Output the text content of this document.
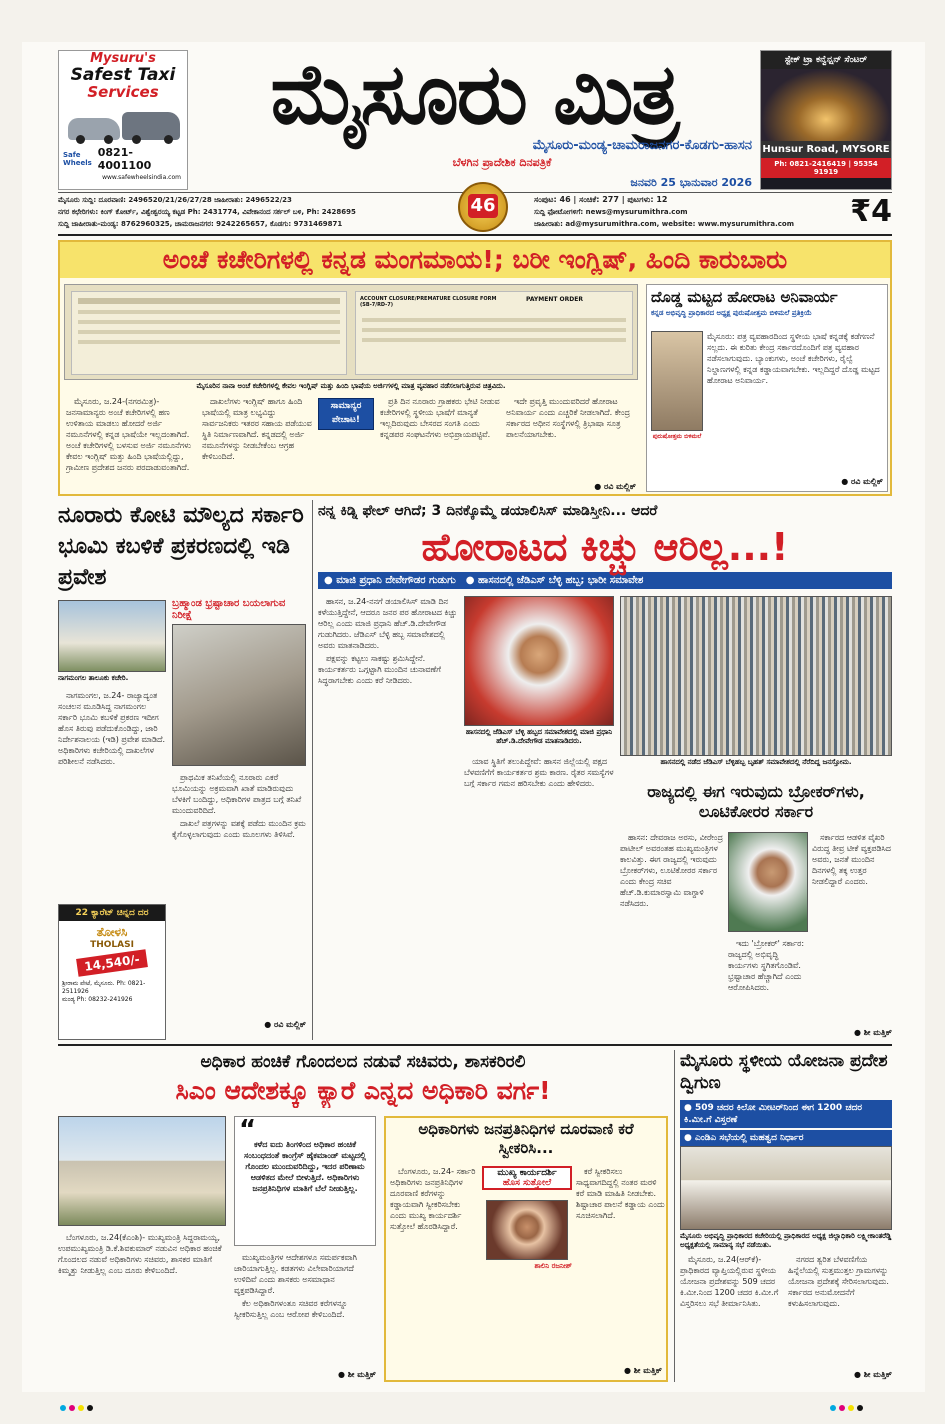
Mysuru's
Safest Taxi
Services
Safe Wheels
0821-4001100
www.safewheelsindia.com
ಮೈಸೂರು ಮಿತ್ರ
ಮೈಸೂರು-ಮಂಡ್ಯ-ಚಾಮರಾಜನಗರ-ಕೊಡಗು-ಹಾಸನ
ಬೆಳಗಿನ ಪ್ರಾದೇಶಿಕ ದಿನಪತ್ರಿಕೆ
ಜನವರಿ 25 ಭಾನುವಾರ 2026
ಸ್ಟೇಕ್ ಟ್ರಾ ಕನ್ವೆನ್ಷನ್ ಸೆಂಟರ್
Hunsur Road, MYSORE
Ph: 0821-2416419 | 95354 91919
ಮೈಸೂರು ಸುದ್ದಿ: ದೂರವಾಣಿ: 2496520/21/26/27/28 ಜಾಹೀರಾತು: 2496522/23
ನಗರ ಕಛೇರಿಗಳು: ಕಿಂಗ್ ಕೋರ್ಟ್, ವಿಶ್ವೇಶ್ವರಯ್ಯ ಕಟ್ಟಡ Ph: 2431774, ವಿವೇಕಾನಂದ ಸರ್ಕಲ್ ಬಳಿ, Ph: 2428695
ಸುದ್ದಿ ಜಾಹೀರಾತು-ಮಂಡ್ಯ: 8762960325, ಚಾಮರಾಜನಗರ: 9242265657, ಕೊಡಗು: 9731469871
46	ಸಂಪುಟ: 46 | ಸಂಚಿಕೆ: 277 | ಪುಟಗಳು: 12
ಸುದ್ದಿ ಫೋಟೋಗಳಿಗೆ: news@mysurumithra.com
ಜಾಹೀರಾತು: ad@mysurumithra.com, website: www.mysurumithra.com	₹4
ಅಂಚೆ ಕಚೇರಿಗಳಲ್ಲಿ ಕನ್ನಡ ಮಂಗಮಾಯ!; ಬರೀ ಇಂಗ್ಲಿಷ್, ಹಿಂದಿ ಕಾರುಬಾರು
ACCOUNT CLOSURE/PREMATURE CLOSURE FORM (SB-7/RD-7)
PAYMENT ORDER
ಮೈಸೂರಿನ ನಾನಾ ಅಂಚೆ ಕಚೇರಿಗಳಲ್ಲಿ ಕೇವಲ ಇಂಗ್ಲಿಷ್ ಮತ್ತು ಹಿಂದಿ ಭಾಷೆಯ ಅರ್ಜಿಗಳಲ್ಲಿ ಮಾತ್ರ ವ್ಯವಹಾರ ನಡೆಸಲಾಗುತ್ತಿರುವ ಚಿತ್ರವಿದು.

ಮೈಸೂರು, ಜ.24-(ನಗರಮಿತ್ರ)- ಜನಸಾಮಾನ್ಯರು ಅಂಚೆ ಕಚೇರಿಗಳಲ್ಲಿ ಹಣ ಉಳಿತಾಯ ಮಾಡಲು ಹೋದರೆ ಅರ್ಜಿ ನಮೂನೆಗಳಲ್ಲಿ ಕನ್ನಡ ಭಾಷೆಯೇ ಇಲ್ಲದಂತಾಗಿದೆ. ಅಂಚೆ ಕಚೇರಿಗಳಲ್ಲಿ ಬಳಸುವ ಅರ್ಜಿ ನಮೂನೆಗಳು ಕೇವಲ ಇಂಗ್ಲಿಷ್ ಮತ್ತು ಹಿಂದಿ ಭಾಷೆಯಲ್ಲಿದ್ದು, ಗ್ರಾಮೀಣ ಪ್ರದೇಶದ ಜನರು ಪರದಾಡುವಂತಾಗಿದೆ.

ದಾಖಲೆಗಳು ಇಂಗ್ಲಿಷ್ ಹಾಗೂ ಹಿಂದಿ ಭಾಷೆಯಲ್ಲಿ ಮಾತ್ರ ಲಭ್ಯವಿದ್ದು ಸಾರ್ವಜನಿಕರು ಇತರರ ಸಹಾಯ ಪಡೆಯುವ ಸ್ಥಿತಿ ನಿರ್ಮಾಣವಾಗಿದೆ. ಕನ್ನಡದಲ್ಲಿ ಅರ್ಜಿ ನಮೂನೆಗಳನ್ನು ನೀಡಬೇಕೆಂಬ ಆಗ್ರಹ ಕೇಳಿಬಂದಿದೆ.

ಸಾಮಾನ್ಯರ ಪೇಚಾಟ!

ಪ್ರತಿ ದಿನ ನೂರಾರು ಗ್ರಾಹಕರು ಭೇಟಿ ನೀಡುವ ಕಚೇರಿಗಳಲ್ಲಿ ಸ್ಥಳೀಯ ಭಾಷೆಗೆ ಮಾನ್ಯತೆ ಇಲ್ಲದಿರುವುದು ಬೇಸರದ ಸಂಗತಿ ಎಂದು ಕನ್ನಡಪರ ಸಂಘಟನೆಗಳು ಅಭಿಪ್ರಾಯಪಟ್ಟಿವೆ.

ಇದೇ ಪ್ರವೃತ್ತಿ ಮುಂದುವರಿದರೆ ಹೋರಾಟ ಅನಿವಾರ್ಯ ಎಂದು ಎಚ್ಚರಿಕೆ ನೀಡಲಾಗಿದೆ. ಕೇಂದ್ರ ಸರ್ಕಾರದ ಅಧೀನ ಸಂಸ್ಥೆಗಳಲ್ಲಿ ತ್ರಿಭಾಷಾ ಸೂತ್ರ ಪಾಲನೆಯಾಗಬೇಕು.

● ರವಿ ಮಲ್ಲಿಕ್
ದೊಡ್ಡ ಮಟ್ಟದ ಹೋರಾಟ ಅನಿವಾರ್ಯ
ಕನ್ನಡ ಅಭಿವೃದ್ಧಿ ಪ್ರಾಧಿಕಾರದ ಅಧ್ಯಕ್ಷ ಪುರುಷೋತ್ತಮ ಬಿಳಿಮಲೆ ಪ್ರತಿಕ್ರಿಯೆ
ಪುರುಷೋತ್ತಮ ಬಿಳಿಮಲೆ
ಮೈಸೂರು: ಪತ್ರ ವ್ಯವಹಾರದಿಂದ ಸ್ಥಳೀಯ ಭಾಷೆ ಕನ್ನಡಕ್ಕೆ ಕಡೆಗಣನೆ ಸಲ್ಲದು. ಈ ಕುರಿತು ಕೇಂದ್ರ ಸರ್ಕಾರದೊಂದಿಗೆ ಪತ್ರ ವ್ಯವಹಾರ ನಡೆಸಲಾಗುವುದು. ಬ್ಯಾಂಕುಗಳು, ಅಂಚೆ ಕಚೇರಿಗಳು, ರೈಲ್ವೆ ನಿಲ್ದಾಣಗಳಲ್ಲಿ ಕನ್ನಡ ಕಡ್ಡಾಯವಾಗಬೇಕು. ಇಲ್ಲದಿದ್ದರೆ ದೊಡ್ಡ ಮಟ್ಟದ ಹೋರಾಟ ಅನಿವಾರ್ಯ.
● ರವಿ ಮಲ್ಲಿಕ್
ನೂರಾರು ಕೋಟಿ ಮೌಲ್ಯದ ಸರ್ಕಾರಿ ಭೂಮಿ ಕಬಳಿಕೆ ಪ್ರಕರಣದಲ್ಲಿ ಇಡಿ ಪ್ರವೇಶ
ನಾಗಮಂಗಲ ತಾಲೂಕು ಕಚೇರಿ.
ಬ್ರಹ್ಮಾಂಡ ಭ್ರಷ್ಟಾಚಾರ ಬಯಲಾಗುವ ನಿರೀಕ್ಷೆ

ನಾಗಮಂಗಲ, ಜ.24- ರಾಜ್ಯಾದ್ಯಂತ ಸಂಚಲನ ಮೂಡಿಸಿದ್ದ ನಾಗಮಂಗಲ ಸರ್ಕಾರಿ ಭೂಮಿ ಕಬಳಿಕೆ ಪ್ರಕರಣ ಇದೀಗ ಹೊಸ ತಿರುವು ಪಡೆದುಕೊಂಡಿದ್ದು, ಜಾರಿ ನಿರ್ದೇಶನಾಲಯ (ಇಡಿ) ಪ್ರವೇಶ ಮಾಡಿದೆ. ಅಧಿಕಾರಿಗಳು ಕಚೇರಿಯಲ್ಲಿ ದಾಖಲೆಗಳ ಪರಿಶೀಲನೆ ನಡೆಸಿದರು.

ಪ್ರಾಥಮಿಕ ತನಿಖೆಯಲ್ಲಿ ನೂರಾರು ಎಕರೆ ಭೂಮಿಯನ್ನು ಅಕ್ರಮವಾಗಿ ಖಾತೆ ಮಾಡಿರುವುದು ಬೆಳಕಿಗೆ ಬಂದಿದ್ದು, ಅಧಿಕಾರಿಗಳ ಪಾತ್ರದ ಬಗ್ಗೆ ತನಿಖೆ ಮುಂದುವರಿದಿದೆ.

ದಾಖಲೆ ಪತ್ರಗಳನ್ನು ವಶಕ್ಕೆ ಪಡೆದು ಮುಂದಿನ ಕ್ರಮ ಕೈಗೊಳ್ಳಲಾಗುವುದು ಎಂದು ಮೂಲಗಳು ತಿಳಿಸಿವೆ.

● ರವಿ ಮಲ್ಲಿಕ್
22 ಕ್ಯಾರೆಟ್ ಚಿನ್ನದ ದರ
ತೋಳಸಿ
THOLASI
14,540/-
ಶ್ರೀರಾಮ ಪೇಟೆ, ಮೈಸೂರು. Ph: 0821-2511926
ಮಂಡ್ಯ Ph: 08232-241926
ನನ್ನ ಕಿಡ್ನಿ ಫೇಲ್ ಆಗಿದೆ; 3 ದಿನಕ್ಕೊಮ್ಮೆ ಡಯಾಲಿಸಿಸ್ ಮಾಡಿಸ್ತೀನಿ... ಆದರೆ
ಹೋರಾಟದ ಕಿಚ್ಚು ಆರಿಲ್ಲ...!
● ಮಾಜಿ ಪ್ರಧಾನಿ ದೇವೇಗೌಡರ ಗುಡುಗು ● ಹಾಸನದಲ್ಲಿ ಜೆಡಿಎಸ್ ಬೆಳ್ಳಿ ಹಬ್ಬ; ಭಾರೀ ಸಮಾವೇಶ

ಹಾಸನ, ಜ.24-ನನಗೆ ಡಯಾಲಿಸಿಸ್ ಮಾಡಿ ದಿನ ಕಳೆಯುತ್ತಿದ್ದೇನೆ, ಆದರೂ ಜನರ ಪರ ಹೋರಾಟದ ಕಿಚ್ಚು ಆರಿಲ್ಲ ಎಂದು ಮಾಜಿ ಪ್ರಧಾನಿ ಹೆಚ್.ಡಿ.ದೇವೇಗೌಡ ಗುಡುಗಿದರು. ಜೆಡಿಎಸ್ ಬೆಳ್ಳಿ ಹಬ್ಬ ಸಮಾವೇಶದಲ್ಲಿ ಅವರು ಮಾತನಾಡಿದರು.

ಪಕ್ಷವನ್ನು ಕಟ್ಟಲು ಸಾಕಷ್ಟು ಶ್ರಮಿಸಿದ್ದೇನೆ. ಕಾರ್ಯಕರ್ತರು ಒಗ್ಗಟ್ಟಾಗಿ ಮುಂದಿನ ಚುನಾವಣೆಗೆ ಸಿದ್ಧರಾಗಬೇಕು ಎಂದು ಕರೆ ನೀಡಿದರು.

ಹಾಸನದಲ್ಲಿ ಜೆಡಿಎಸ್ ಬೆಳ್ಳಿ ಹಬ್ಬದ ಸಮಾವೇಶದಲ್ಲಿ ಮಾಜಿ ಪ್ರಧಾನಿ ಹೆಚ್.ಡಿ.ದೇವೇಗೌಡ ಮಾತನಾಡಿದರು.
ಹಾಸನದಲ್ಲಿ ನಡೆದ ಜೆಡಿಎಸ್ ಬೆಳ್ಳಿಹಬ್ಬ ಬೃಹತ್ ಸಮಾವೇಶದಲ್ಲಿ ನೆರೆದಿದ್ದ ಜನಸ್ತೋಮ.

ಯಾವ ಸ್ಥಿತಿಗೆ ತಲುಪಿದ್ದೇವೆ: ಹಾಸನ ಜಿಲ್ಲೆಯಲ್ಲಿ ಪಕ್ಷದ ಬೆಳವಣಿಗೆಗೆ ಕಾರ್ಯಕರ್ತರ ಶ್ರಮ ಕಾರಣ. ರೈತರ ಸಮಸ್ಯೆಗಳ ಬಗ್ಗೆ ಸರ್ಕಾರ ಗಮನ ಹರಿಸಬೇಕು ಎಂದು ಹೇಳಿದರು.	ರಾಜ್ಯದಲ್ಲಿ ಈಗ ಇರುವುದು ಬ್ರೋಕರ್‌ಗಳು, ಲೂಟಿಕೋರರ ಸರ್ಕಾರ

ಹಾಸನ: ದೇವರಾಜ ಅರಸು, ವೀರೇಂದ್ರ ಪಾಟೀಲ್ ಅವರಂತಹ ಮುಖ್ಯಮಂತ್ರಿಗಳ ಕಾಲವಿತ್ತು. ಈಗ ರಾಜ್ಯದಲ್ಲಿ ಇರುವುದು ಬ್ರೋಕರ್‌ಗಳು, ಲೂಟಿಕೋರರ ಸರ್ಕಾರ ಎಂದು ಕೇಂದ್ರ ಸಚಿವ ಹೆಚ್.ಡಿ.ಕುಮಾರಸ್ವಾಮಿ ವಾಗ್ದಾಳಿ ನಡೆಸಿದರು.

ಸರ್ಕಾರದ ಆಡಳಿತ ವೈಖರಿ ವಿರುದ್ಧ ತೀವ್ರ ಟೀಕೆ ವ್ಯಕ್ತಪಡಿಸಿದ ಅವರು, ಜನತೆ ಮುಂದಿನ ದಿನಗಳಲ್ಲಿ ತಕ್ಕ ಉತ್ತರ ನೀಡಲಿದ್ದಾರೆ ಎಂದರು.

ಇದು 'ಬ್ರೋಕರ್' ಸರ್ಕಾರ: ರಾಜ್ಯದಲ್ಲಿ ಅಭಿವೃದ್ಧಿ ಕಾರ್ಯಗಳು ಸ್ಥಗಿತಗೊಂಡಿವೆ. ಭ್ರಷ್ಟಾಚಾರ ಹೆಚ್ಚಾಗಿದೆ ಎಂದು ಆರೋಪಿಸಿದರು.

● ಶೀ ಮತ್ತಿಕ್
ಅಧಿಕಾರ ಹಂಚಿಕೆ ಗೊಂದಲದ ನಡುವೆ ಸಚಿವರು, ಶಾಸಕರಿರಲಿ
ಸಿಎಂ ಆದೇಶಕ್ಕೂ ಕ್ಯಾರೆ ಎನ್ನದ ಅಧಿಕಾರಿ ವರ್ಗ!

ಬೆಂಗಳೂರು, ಜ.24(ಕೆಎಂಶಿ)- ಮುಖ್ಯಮಂತ್ರಿ ಸಿದ್ದರಾಮಯ್ಯ, ಉಪಮುಖ್ಯಮಂತ್ರಿ ಡಿ.ಕೆ.ಶಿವಕುಮಾರ್ ನಡುವಿನ ಅಧಿಕಾರ ಹಂಚಿಕೆ ಗೊಂದಲದ ನಡುವೆ ಅಧಿಕಾರಿಗಳು ಸಚಿವರು, ಶಾಸಕರ ಮಾತಿಗೆ ಕಿಮ್ಮತ್ತು ನೀಡುತ್ತಿಲ್ಲ ಎಂಬ ದೂರು ಕೇಳಿಬಂದಿದೆ.

“
ಕಳೆದ ಐದು ತಿಂಗಳಿಂದ ಅಧಿಕಾರ ಹಂಚಿಕೆ ಸಂಬಂಧದಂತೆ ಕಾಂಗ್ರೆಸ್ ಹೈಕಮಾಂಡ್ ಮಟ್ಟದಲ್ಲಿ ಗೊಂದಲ ಮುಂದುವರಿದಿದ್ದು, ಇದರ ಪರಿಣಾಮ ಆಡಳಿತದ ಮೇಲೆ ಬೀಳುತ್ತಿದೆ. ಅಧಿಕಾರಿಗಳು ಜನಪ್ರತಿನಿಧಿಗಳ ಮಾತಿಗೆ ಬೆಲೆ ನೀಡುತ್ತಿಲ್ಲ.

ಮುಖ್ಯಮಂತ್ರಿಗಳ ಆದೇಶಗಳೂ ಸಮರ್ಪಕವಾಗಿ ಜಾರಿಯಾಗುತ್ತಿಲ್ಲ. ಕಡತಗಳು ವಿಲೇವಾರಿಯಾಗದೆ ಉಳಿದಿವೆ ಎಂದು ಶಾಸಕರು ಅಸಮಾಧಾನ ವ್ಯಕ್ತಪಡಿಸಿದ್ದಾರೆ.

ಕೆಲ ಅಧಿಕಾರಿಗಳಂತೂ ಸಚಿವರ ಕರೆಗಳನ್ನೂ ಸ್ವೀಕರಿಸುತ್ತಿಲ್ಲ ಎಂಬ ಆರೋಪ ಕೇಳಿಬಂದಿದೆ.

● ಶೀ ಮತ್ತಿಕ್
ಅಧಿಕಾರಿಗಳು ಜನಪ್ರತಿನಿಧಿಗಳ ದೂರವಾಣಿ ಕರೆ ಸ್ವೀಕರಿಸಿ...

ಬೆಂಗಳೂರು, ಜ.24- ಸರ್ಕಾರಿ ಅಧಿಕಾರಿಗಳು ಜನಪ್ರತಿನಿಧಿಗಳ ದೂರವಾಣಿ ಕರೆಗಳನ್ನು ಕಡ್ಡಾಯವಾಗಿ ಸ್ವೀಕರಿಸಬೇಕು ಎಂದು ಮುಖ್ಯ ಕಾರ್ಯದರ್ಶಿ ಸುತ್ತೋಲೆ ಹೊರಡಿಸಿದ್ದಾರೆ.

ಮುಖ್ಯ ಕಾರ್ಯದರ್ಶಿ
ಹೊಸ ಸುತ್ತೋಲೆ
ಶಾಲಿನಿ ರಜನೀಶ್

ಕರೆ ಸ್ವೀಕರಿಸಲು ಸಾಧ್ಯವಾಗದಿದ್ದಲ್ಲಿ ನಂತರ ಮರಳಿ ಕರೆ ಮಾಡಿ ಮಾಹಿತಿ ನೀಡಬೇಕು. ಶಿಷ್ಟಾಚಾರ ಪಾಲನೆ ಕಡ್ಡಾಯ ಎಂದು ಸೂಚಿಸಲಾಗಿದೆ.

● ಶೀ ಮತ್ತಿಕ್
ಮೈಸೂರು ಸ್ಥಳೀಯ ಯೋಜನಾ ಪ್ರದೇಶ ದ್ವಿಗುಣ
● 509 ಚದರ ಕಿಲೋ ಮೀಟರ್‌ನಿಂದ ಈಗ 1200 ಚದರ ಕಿ.ಮೀ.ಗೆ ವಿಸ್ತರಣೆ
● ಎಂಡಿಎ ಸಭೆಯಲ್ಲಿ ಮಹತ್ವದ ನಿರ್ಧಾರ
ಮೈಸೂರು ಅಭಿವೃದ್ಧಿ ಪ್ರಾಧಿಕಾರದ ಕಚೇರಿಯಲ್ಲಿ ಪ್ರಾಧಿಕಾರದ ಅಧ್ಯಕ್ಷ ಜಿಲ್ಲಾಧಿಕಾರಿ ಲಕ್ಷ್ಮೀಕಾಂತರೆಡ್ಡಿ ಅಧ್ಯಕ್ಷತೆಯಲ್ಲಿ ಸಾಮಾನ್ಯ ಸಭೆ ನಡೆಯಿತು.

ಮೈಸೂರು, ಜ.24(ಆರ್‌ಕೆ)-ಪ್ರಾಧಿಕಾರದ ವ್ಯಾಪ್ತಿಯಲ್ಲಿರುವ ಸ್ಥಳೀಯ ಯೋಜನಾ ಪ್ರದೇಶವನ್ನು 509 ಚದರ ಕಿ.ಮೀ.ನಿಂದ 1200 ಚದರ ಕಿ.ಮೀ.ಗೆ ವಿಸ್ತರಿಸಲು ಸಭೆ ತೀರ್ಮಾನಿಸಿತು.

ನಗರದ ತ್ವರಿತ ಬೆಳವಣಿಗೆಯ ಹಿನ್ನೆಲೆಯಲ್ಲಿ ಸುತ್ತಮುತ್ತಲ ಗ್ರಾಮಗಳನ್ನು ಯೋಜನಾ ಪ್ರದೇಶಕ್ಕೆ ಸೇರಿಸಲಾಗುವುದು. ಸರ್ಕಾರದ ಅನುಮೋದನೆಗೆ ಕಳುಹಿಸಲಾಗುವುದು.

● ಶೀ ಮತ್ತಿಕ್
